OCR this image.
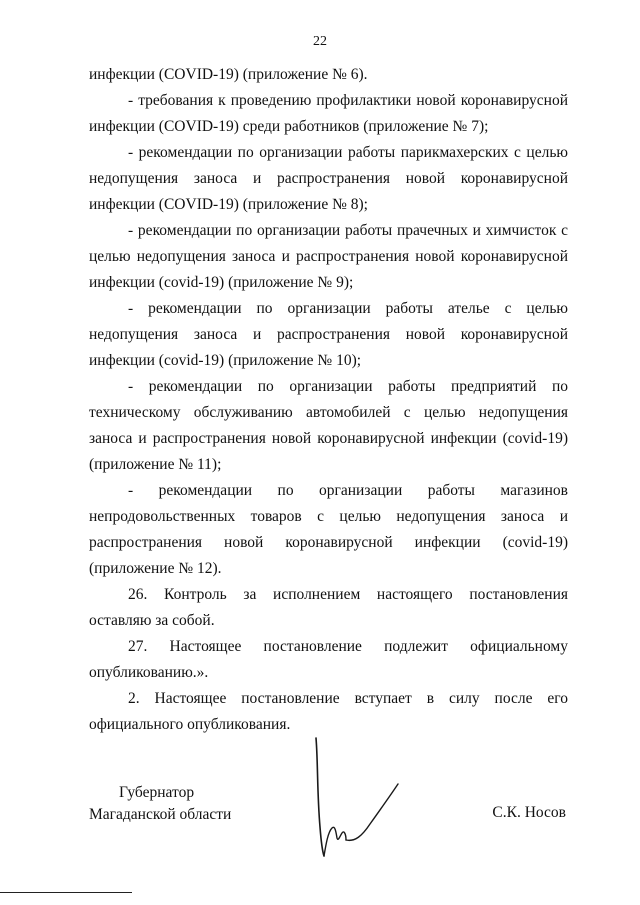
22

инфекции (COVID-19) (приложение № 6).

- требования к проведению профилактики новой коронавирусной инфекции (COVID-19) среди работников (приложение № 7);

- рекомендации по организации работы парикмахерских с целью недопущения заноса и распространения новой коронавирусной инфекции (COVID-19) (приложение № 8);

- рекомендации по организации работы прачечных и химчисток с целью недопущения заноса и распространения новой коронавирусной инфекции (covid-19) (приложение № 9);

- рекомендации по организации работы ателье с целью недопущения заноса и распространения новой коронавирусной инфекции (covid-19) (приложение № 10);

- рекомендации по организации работы предприятий по техническому обслуживанию автомобилей с целью недопущения заноса и распространения новой коронавирусной инфекции (covid-19) (приложение № 11);

- рекомендации по организации работы магазинов непродовольственных товаров с целью недопущения заноса и распространения новой коронавирусной инфекции (covid-19) (приложение № 12).

26. Контроль за исполнением настоящего постановления оставляю за собой.

27. Настоящее постановление подлежит официальному опубликованию.».

2. Настоящее постановление вступает в силу после его официального опубликования.

Губернатор
Магаданской области	С.К. Носов
